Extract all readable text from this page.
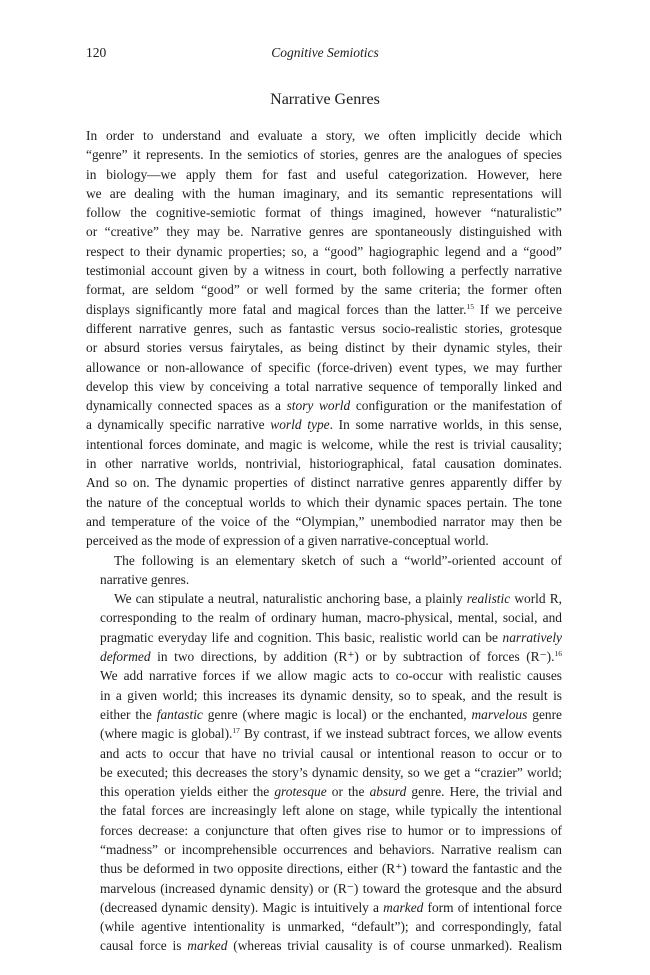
120	Cognitive Semiotics
Narrative Genres
In order to understand and evaluate a story, we often implicitly decide which
“genre” it represents. In the semiotics of stories, genres are the analogues of species
in biology—we apply them for fast and useful categorization. However, here
we are dealing with the human imaginary, and its semantic representations will
follow the cognitive-semiotic format of things imagined, however “naturalistic”
or “creative” they may be. Narrative genres are spontaneously distinguished with
respect to their dynamic properties; so, a “good” hagiographic legend and a “good”
testimonial account given by a witness in court, both following a perfectly narrative
format, are seldom “good” or well formed by the same criteria; the former often
displays significantly more fatal and magical forces than the latter.$^{15}$ If we perceive
different narrative genres, such as fantastic versus socio-realistic stories, grotesque
or absurd stories versus fairytales, as being distinct by their dynamic styles, their
allowance or non-allowance of specific (force-driven) event types, we may further
develop this view by conceiving a total narrative sequence of temporally linked and
dynamically connected spaces as a story world configuration or the manifestation of
a dynamically specific narrative world type. In some narrative worlds, in this sense,
intentional forces dominate, and magic is welcome, while the rest is trivial causality;
in other narrative worlds, nontrivial, historiographical, fatal causation dominates.
And so on. The dynamic properties of distinct narrative genres apparently differ by
the nature of the conceptual worlds to which their dynamic spaces pertain. The tone
and temperature of the voice of the “Olympian,” unembodied narrator may then be
perceived as the mode of expression of a given narrative-conceptual world.
The following is an elementary sketch of such a “world”-oriented account of
narrative genres.
We can stipulate a neutral, naturalistic anchoring base, a plainly realistic world R,
corresponding to the realm of ordinary human, macro-physical, mental, social, and
pragmatic everyday life and cognition. This basic, realistic world can be narratively
deformed in two directions, by addition (R⁺) or by subtraction of forces (R⁻).$^{16}$
We add narrative forces if we allow magic acts to co-occur with realistic causes
in a given world; this increases its dynamic density, so to speak, and the result is
either the fantastic genre (where magic is local) or the enchanted, marvelous genre
(where magic is global).$^{17}$ By contrast, if we instead subtract forces, we allow events
and acts to occur that have no trivial causal or intentional reason to occur or to
be executed; this decreases the story’s dynamic density, so we get a “crazier” world;
this operation yields either the grotesque or the absurd genre. Here, the trivial and
the fatal forces are increasingly left alone on stage, while typically the intentional
forces decrease: a conjuncture that often gives rise to humor or to impressions of
“madness” or incomprehensible occurrences and behaviors. Narrative realism can
thus be deformed in two opposite directions, either (R⁺) toward the fantastic and the
marvelous (increased dynamic density) or (R⁻) toward the grotesque and the absurd
(decreased dynamic density). Magic is intuitively a marked form of intentional force
(while agentive intentionality is unmarked, “default”); and correspondingly, fatal
causal force is marked (whereas trivial causality is of course unmarked). Realism
